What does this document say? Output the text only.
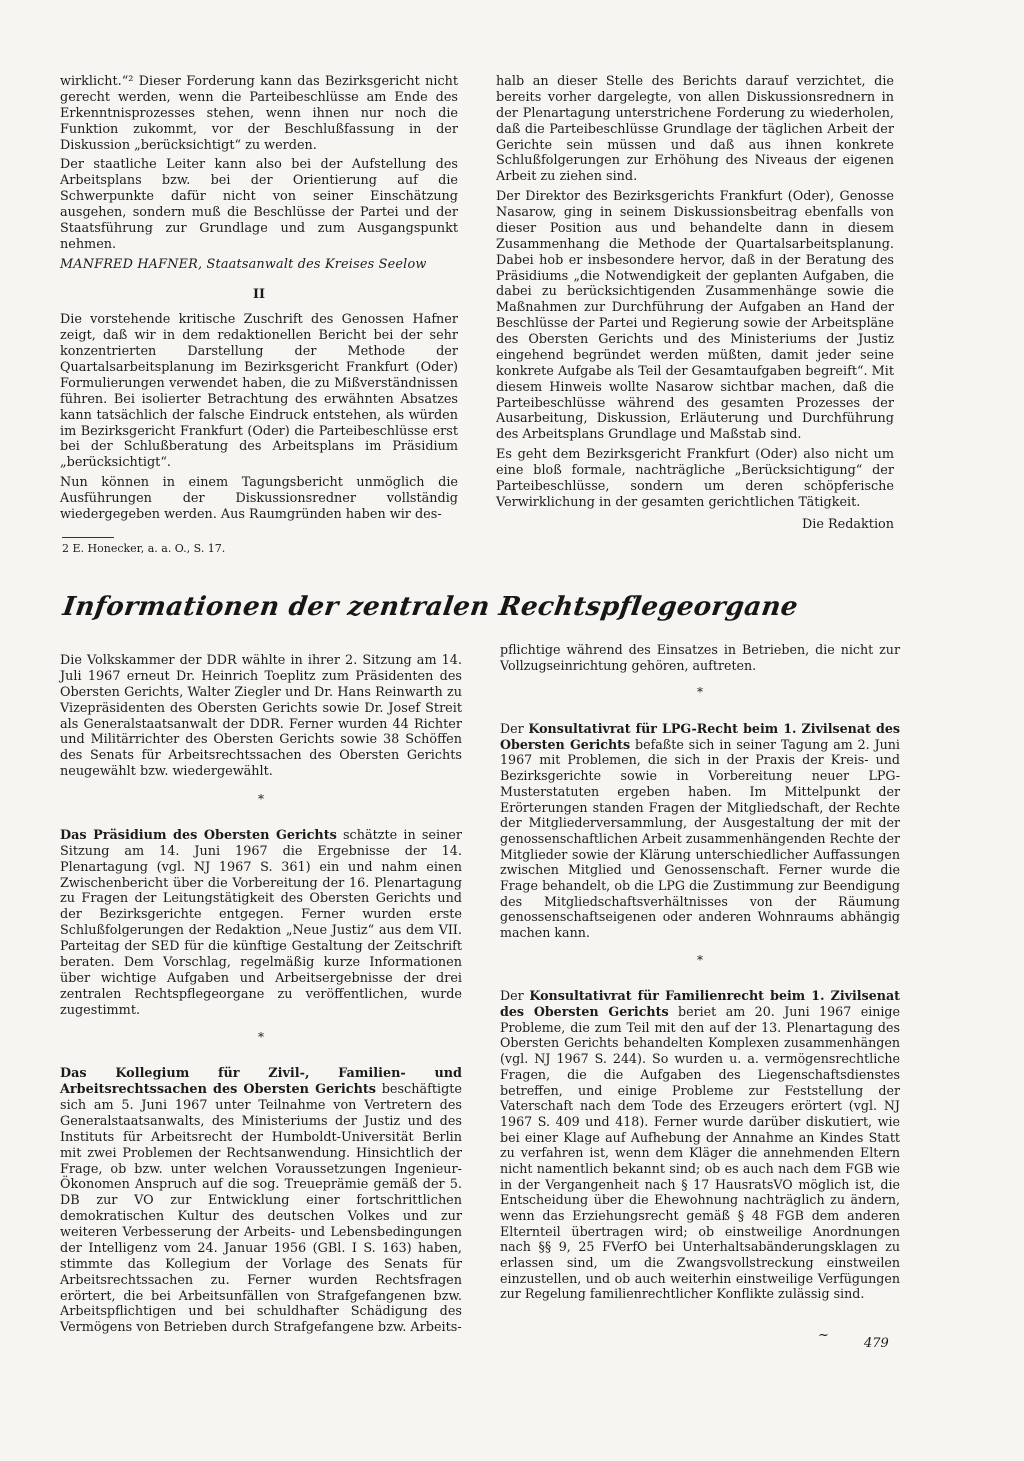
wirklicht.“² Dieser Forderung kann das Bezirksgericht nicht gerecht werden, wenn die Parteibeschlüsse am Ende des Erkenntnisprozesses stehen, wenn ihnen nur noch die Funktion zukommt, vor der Beschlußfassung in der Diskussion „berücksichtigt“ zu werden.

Der staatliche Leiter kann also bei der Aufstellung des Arbeitsplans bzw. bei der Orientierung auf die Schwerpunkte dafür nicht von seiner Einschätzung ausgehen, sondern muß die Beschlüsse der Partei und der Staatsführung zur Grundlage und zum Ausgangspunkt nehmen.

MANFRED HAFNER, Staatsanwalt des Kreises Seelow

II

Die vorstehende kritische Zuschrift des Genossen Hafner zeigt, daß wir in dem redaktionellen Bericht bei der sehr konzentrierten Darstellung der Methode der Quartalsarbeitsplanung im Bezirksgericht Frankfurt (Oder) Formulierungen verwendet haben, die zu Mißverständnissen führen. Bei isolierter Betrachtung des erwähnten Absatzes kann tatsächlich der falsche Eindruck entstehen, als würden im Bezirksgericht Frankfurt (Oder) die Parteibeschlüsse erst bei der Schlußberatung des Arbeitsplans im Präsidium „berücksichtigt“.

Nun können in einem Tagungsbericht unmöglich die Ausführungen der Diskussionsredner vollständig wiedergegeben werden. Aus Raumgründen haben wir des-

2 E. Honecker, a. a. O., S. 17.

halb an dieser Stelle des Berichts darauf verzichtet, die bereits vorher dargelegte, von allen Diskussionsrednern in der Plenartagung unterstrichene Forderung zu wiederholen, daß die Parteibeschlüsse Grundlage der täglichen Arbeit der Gerichte sein müssen und daß aus ihnen konkrete Schlußfolgerungen zur Erhöhung des Niveaus der eigenen Arbeit zu ziehen sind.

Der Direktor des Bezirksgerichts Frankfurt (Oder), Genosse Nasarow, ging in seinem Diskussionsbeitrag ebenfalls von dieser Position aus und behandelte dann in diesem Zusammenhang die Methode der Quartalsarbeitsplanung. Dabei hob er insbesondere hervor, daß in der Beratung des Präsidiums „die Notwendigkeit der geplanten Aufgaben, die dabei zu berücksichtigenden Zusammenhänge sowie die Maßnahmen zur Durchführung der Aufgaben an Hand der Beschlüsse der Partei und Regierung sowie der Arbeitspläne des Obersten Gerichts und des Ministeriums der Justiz eingehend begründet werden müßten, damit jeder seine konkrete Aufgabe als Teil der Gesamtaufgaben begreift“. Mit diesem Hinweis wollte Nasarow sichtbar machen, daß die Parteibeschlüsse während des gesamten Prozesses der Ausarbeitung, Diskussion, Erläuterung und Durchführung des Arbeitsplans Grundlage und Maßstab sind.

Es geht dem Bezirksgericht Frankfurt (Oder) also nicht um eine bloß formale, nachträgliche „Berücksichtigung“ der Parteibeschlüsse, sondern um deren schöpferische Verwirklichung in der gesamten gerichtlichen Tätigkeit.

Die Redaktion
Informationen der zentralen Rechtspflegeorgane

Die Volkskammer der DDR wählte in ihrer 2. Sitzung am 14. Juli 1967 erneut Dr. Heinrich Toeplitz zum Präsidenten des Obersten Gerichts, Walter Ziegler und Dr. Hans Reinwarth zu Vizepräsidenten des Obersten Gerichts sowie Dr. Josef Streit als Generalstaatsanwalt der DDR. Ferner wurden 44 Richter und Militärrichter des Obersten Gerichts sowie 38 Schöffen des Senats für Arbeitsrechtssachen des Obersten Gerichts neugewählt bzw. wiedergewählt.

*

Das Präsidium des Obersten Gerichts schätzte in seiner Sitzung am 14. Juni 1967 die Ergebnisse der 14. Plenartagung (vgl. NJ 1967 S. 361) ein und nahm einen Zwischenbericht über die Vorbereitung der 16. Plenartagung zu Fragen der Leitungstätigkeit des Obersten Gerichts und der Bezirksgerichte entgegen. Ferner wurden erste Schlußfolgerungen der Redaktion „Neue Justiz“ aus dem VII. Parteitag der SED für die künftige Gestaltung der Zeitschrift beraten. Dem Vorschlag, regelmäßig kurze Informationen über wichtige Aufgaben und Arbeitsergebnisse der drei zentralen Rechtspflegeorgane zu veröffentlichen, wurde zugestimmt.

*

Das Kollegium für Zivil-, Familien- und Arbeitsrechtssachen des Obersten Gerichts beschäftigte sich am 5. Juni 1967 unter Teilnahme von Vertretern des Generalstaatsanwalts, des Ministeriums der Justiz und des Instituts für Arbeitsrecht der Humboldt-Universität Berlin mit zwei Problemen der Rechtsanwendung. Hinsichtlich der Frage, ob bzw. unter welchen Voraussetzungen Ingenieur-Ökonomen Anspruch auf die sog. Treueprämie gemäß der 5. DB zur VO zur Entwicklung einer fortschrittlichen demokratischen Kultur des deutschen Volkes und zur weiteren Verbesserung der Arbeits- und Lebensbedingungen der Intelligenz vom 24. Januar 1956 (GBl. I S. 163) haben, stimmte das Kollegium der Vorlage des Senats für Arbeitsrechtssachen zu. Ferner wurden Rechtsfragen erörtert, die bei Arbeitsunfällen von Strafgefangenen bzw. Arbeitspflichtigen und bei schuldhafter Schädigung des Vermögens von Betrieben durch Strafgefangene bzw. Arbeits-

pflichtige während des Einsatzes in Betrieben, die nicht zur Vollzugseinrichtung gehören, auftreten.

*

Der Konsultativrat für LPG-Recht beim 1. Zivilsenat des Obersten Gerichts befaßte sich in seiner Tagung am 2. Juni 1967 mit Problemen, die sich in der Praxis der Kreis- und Bezirksgerichte sowie in Vorbereitung neuer LPG-Musterstatuten ergeben haben. Im Mittelpunkt der Erörterungen standen Fragen der Mitgliedschaft, der Rechte der Mitgliederversammlung, der Ausgestaltung der mit der genossenschaftlichen Arbeit zusammenhängenden Rechte der Mitglieder sowie der Klärung unterschiedlicher Auffassungen zwischen Mitglied und Genossenschaft. Ferner wurde die Frage behandelt, ob die LPG die Zustimmung zur Beendigung des Mitgliedschaftsverhältnisses von der Räumung genossenschaftseigenen oder anderen Wohnraums abhängig machen kann.

*

Der Konsultativrat für Familienrecht beim 1. Zivilsenat des Obersten Gerichts beriet am 20. Juni 1967 einige Probleme, die zum Teil mit den auf der 13. Plenartagung des Obersten Gerichts behandelten Komplexen zusammenhängen (vgl. NJ 1967 S. 244). So wurden u. a. vermögensrechtliche Fragen, die die Aufgaben des Liegenschaftsdienstes betreffen, und einige Probleme zur Feststellung der Vaterschaft nach dem Tode des Erzeugers erörtert (vgl. NJ 1967 S. 409 und 418). Ferner wurde darüber diskutiert, wie bei einer Klage auf Aufhebung der Annahme an Kindes Statt zu verfahren ist, wenn dem Kläger die annehmenden Eltern nicht namentlich bekannt sind; ob es auch nach dem FGB wie in der Vergangenheit nach § 17 HausratsVO möglich ist, die Entscheidung über die Ehewohnung nachträglich zu ändern, wenn das Erziehungsrecht gemäß § 48 FGB dem anderen Elternteil übertragen wird; ob einstweilige Anordnungen nach §§ 9, 25 FVerfO bei Unterhaltsabänderungsklagen zu erlassen sind, um die Zwangsvollstreckung einstweilen einzustellen, und ob auch weiterhin einstweilige Verfügungen zur Regelung familienrechtlicher Konflikte zulässig sind.

~
479
